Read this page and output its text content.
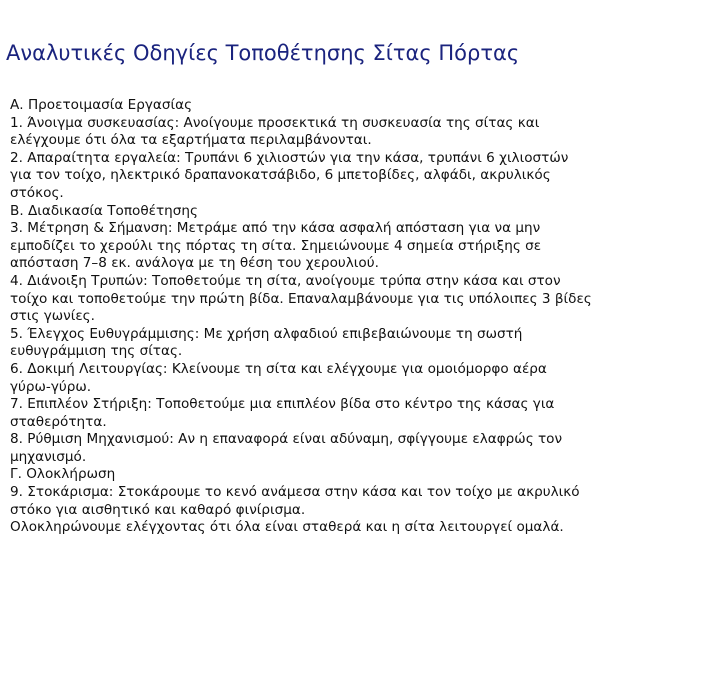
Αναλυτικές Οδηγίες Τοποθέτησης Σίτας Πόρτας
Α. Προετοιμασία Εργασίας
1. Άνοιγμα συσκευασίας: Ανοίγουμε προσεκτικά τη συσκευασία της σίτας και
ελέγχουμε ότι όλα τα εξαρτήματα περιλαμβάνονται.
2. Απαραίτητα εργαλεία: Τρυπάνι 6 χιλιοστών για την κάσα, τρυπάνι 6 χιλιοστών
για τον τοίχο, ηλεκτρικό δραπανοκατσάβιδο, 6 μπετοβίδες, αλφάδι, ακρυλικός
στόκος.
Β. Διαδικασία Τοποθέτησης
3. Μέτρηση & Σήμανση: Μετράμε από την κάσα ασφαλή απόσταση για να μην
εμποδίζει το χερούλι της πόρτας τη σίτα. Σημειώνουμε 4 σημεία στήριξης σε
απόσταση 7–8 εκ. ανάλογα με τη θέση του χερουλιού.
4. Διάνοιξη Τρυπών: Τοποθετούμε τη σίτα, ανοίγουμε τρύπα στην κάσα και στον
τοίχο και τοποθετούμε την πρώτη βίδα. Επαναλαμβάνουμε για τις υπόλοιπες 3 βίδες
στις γωνίες.
5. Έλεγχος Ευθυγράμμισης: Με χρήση αλφαδιού επιβεβαιώνουμε τη σωστή
ευθυγράμμιση της σίτας.
6. Δοκιμή Λειτουργίας: Κλείνουμε τη σίτα και ελέγχουμε για ομοιόμορφο αέρα
γύρω-γύρω.
7. Επιπλέον Στήριξη: Τοποθετούμε μια επιπλέον βίδα στο κέντρο της κάσας για
σταθερότητα.
8. Ρύθμιση Μηχανισμού: Αν η επαναφορά είναι αδύναμη, σφίγγουμε ελαφρώς τον
μηχανισμό.
Γ. Ολοκλήρωση
9. Στοκάρισμα: Στοκάρουμε το κενό ανάμεσα στην κάσα και τον τοίχο με ακρυλικό
στόκο για αισθητικό και καθαρό φινίρισμα.
Ολοκληρώνουμε ελέγχοντας ότι όλα είναι σταθερά και η σίτα λειτουργεί ομαλά.
